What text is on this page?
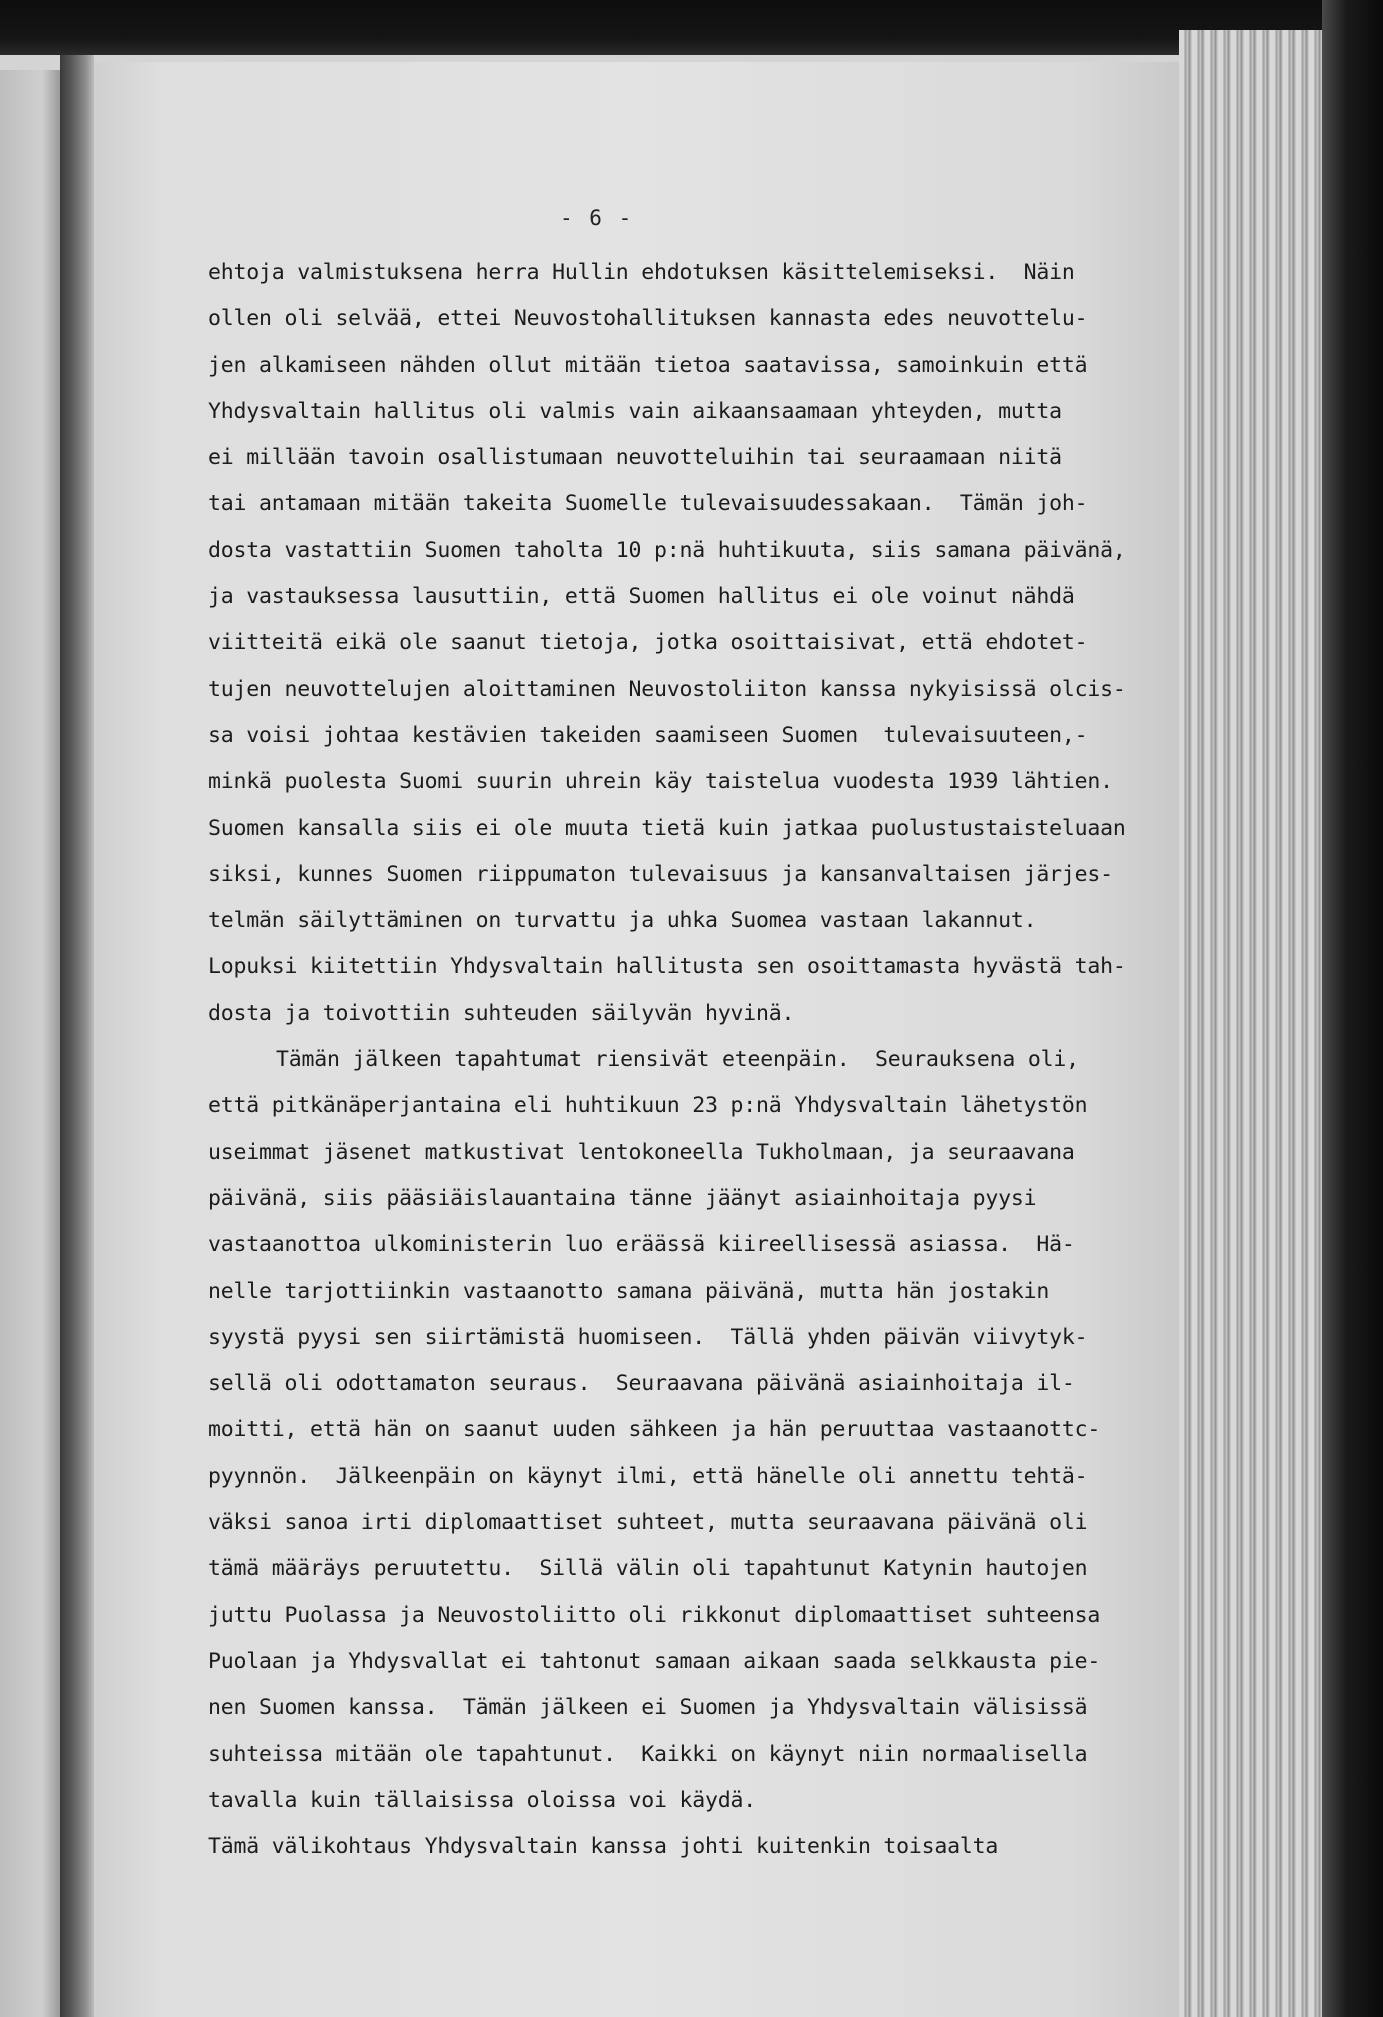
- 6 -
ehtoja valmistuksena herra Hullin ehdotuksen käsittelemiseksi.  Näin
ollen oli selvää, ettei Neuvostohallituksen kannasta edes neuvottelu-
jen alkamiseen nähden ollut mitään tietoa saatavissa, samoinkuin että
Yhdysvaltain hallitus oli valmis vain aikaansaamaan yhteyden, mutta
ei millään tavoin osallistumaan neuvotteluihin tai seuraamaan niitä
tai antamaan mitään takeita Suomelle tulevaisuudessakaan.  Tämän joh-
dosta vastattiin Suomen taholta 10 p:nä huhtikuuta, siis samana päivänä,
ja vastauksessa lausuttiin, että Suomen hallitus ei ole voinut nähdä
viitteitä eikä ole saanut tietoja, jotka osoittaisivat, että ehdotet-
tujen neuvottelujen aloittaminen Neuvostoliiton kanssa nykyisissä olcis-
sa voisi johtaa kestävien takeiden saamiseen Suomen  tulevaisuuteen,-
minkä puolesta Suomi suurin uhrein käy taistelua vuodesta 1939 lähtien.
Suomen kansalla siis ei ole muuta tietä kuin jatkaa puolustustaisteluaan
siksi, kunnes Suomen riippumaton tulevaisuus ja kansanvaltaisen järjes-
telmän säilyttäminen on turvattu ja uhka Suomea vastaan lakannut.
Lopuksi kiitettiin Yhdysvaltain hallitusta sen osoittamasta hyvästä tah-
dosta ja toivottiin suhteuden säilyvän hyvinä.
Tämän jälkeen tapahtumat riensivät eteenpäin.  Seurauksena oli,
että pitkänäperjantaina eli huhtikuun 23 p:nä Yhdysvaltain lähetystön
useimmat jäsenet matkustivat lentokoneella Tukholmaan, ja seuraavana
päivänä, siis pääsiäislauantaina tänne jäänyt asiainhoitaja pyysi
vastaanottoa ulkoministerin luo eräässä kiireellisessä asiassa.  Hä-
nelle tarjottiinkin vastaanotto samana päivänä, mutta hän jostakin
syystä pyysi sen siirtämistä huomiseen.  Tällä yhden päivän viivytyk-
sellä oli odottamaton seuraus.  Seuraavana päivänä asiainhoitaja il-
moitti, että hän on saanut uuden sähkeen ja hän peruuttaa vastaanottc-
pyynnön.  Jälkeenpäin on käynyt ilmi, että hänelle oli annettu tehtä-
väksi sanoa irti diplomaattiset suhteet, mutta seuraavana päivänä oli
tämä määräys peruutettu.  Sillä välin oli tapahtunut Katynin hautojen
juttu Puolassa ja Neuvostoliitto oli rikkonut diplomaattiset suhteensa
Puolaan ja Yhdysvallat ei tahtonut samaan aikaan saada selkkausta pie-
nen Suomen kanssa.  Tämän jälkeen ei Suomen ja Yhdysvaltain välisissä
suhteissa mitään ole tapahtunut.  Kaikki on käynyt niin normaalisella
tavalla kuin tällaisissa oloissa voi käydä.
Tämä välikohtaus Yhdysvaltain kanssa johti kuitenkin toisaalta
